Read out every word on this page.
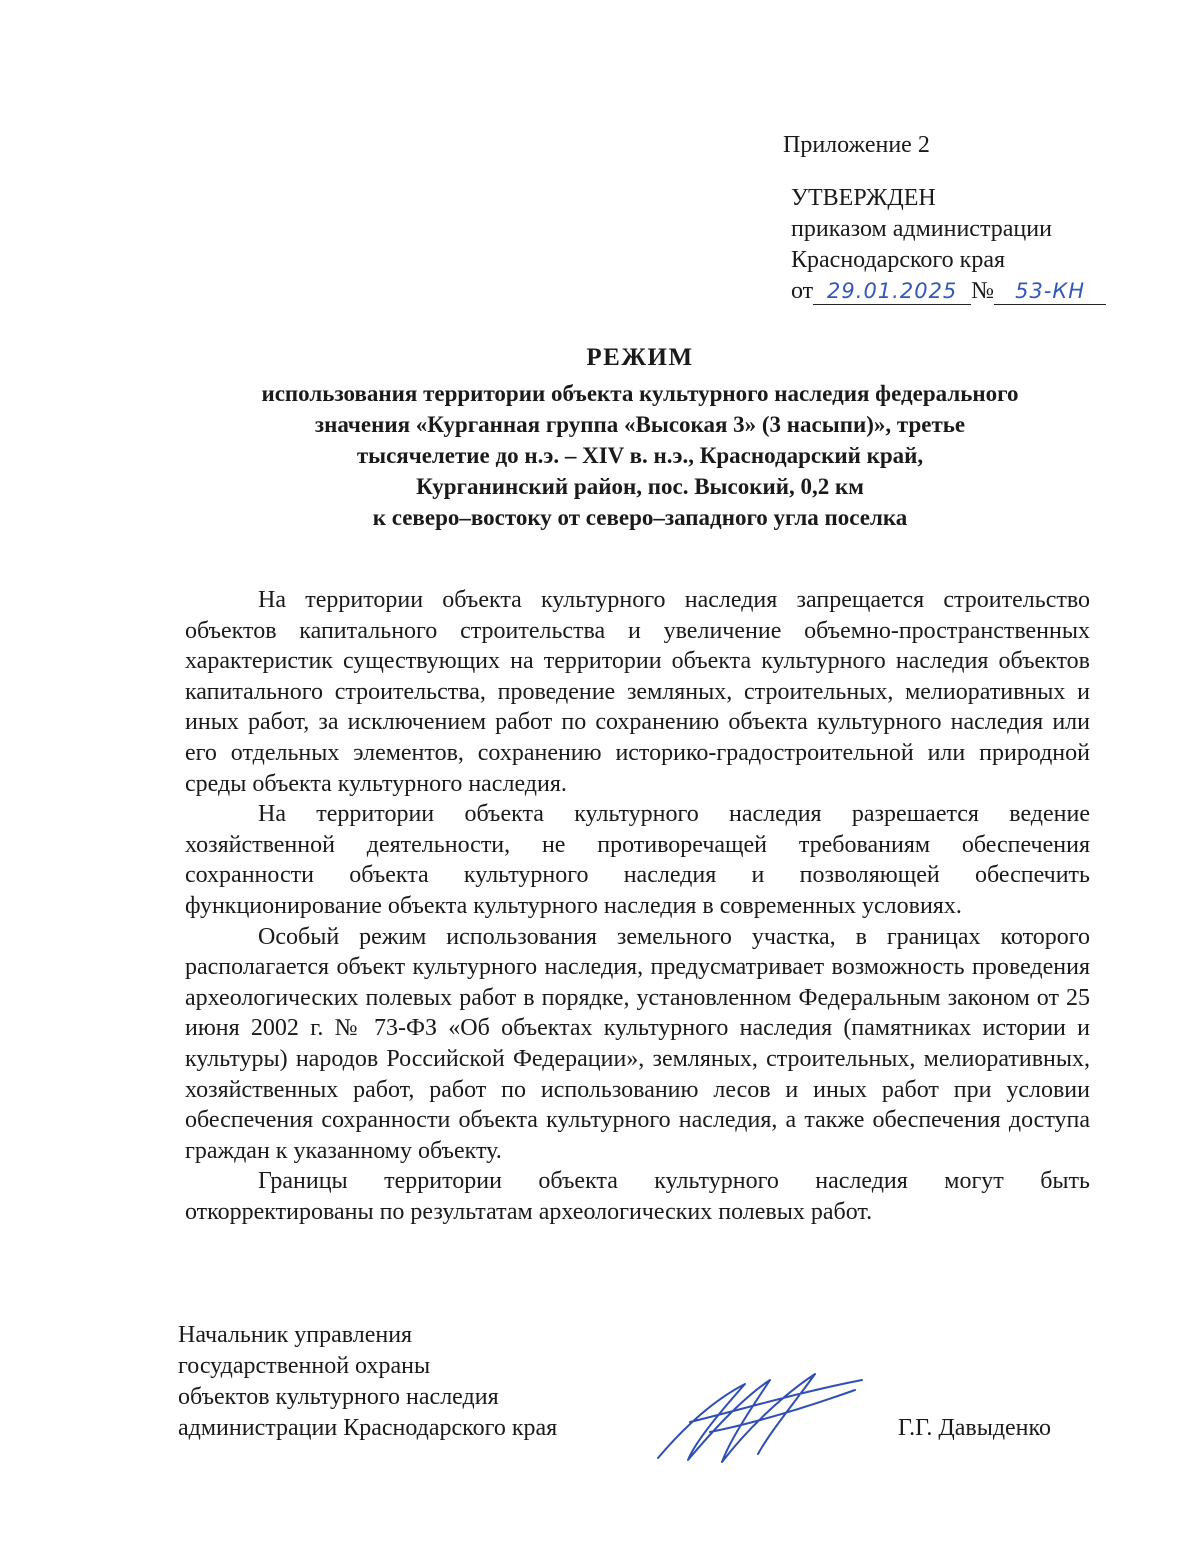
Приложение 2
УТВЕРЖДЕН
приказом администрации
Краснодарского края
от 29.01.2025 № 53-КН
РЕЖИМ
использования территории объекта культурного наследия федерального
значения «Курганная группа «Высокая 3» (3 насыпи)», третье
тысячелетие до н.э. – XIV в. н.э., Краснодарский край,
Курганинский район, пос. Высокий, 0,2 км
к северо–востоку от северо–западного угла поселка

На территории объекта культурного наследия запрещается строительство объектов капитального строительства и увеличение объемно-пространственных характеристик существующих на территории объекта культурного наследия объектов капитального строительства, проведение земляных, строительных, мелиоративных и иных работ, за исключением работ по сохранению объекта культурного наследия или его отдельных элементов, сохранению историко-градостроительной или природной среды объекта культурного наследия.

На территории объекта культурного наследия разрешается ведение хозяйственной деятельности, не противоречащей требованиям обеспечения сохранности объекта культурного наследия и позволяющей обеспечить функционирование объекта культурного наследия в современных условиях.

Особый режим использования земельного участка, в границах которого располагается объект культурного наследия, предусматривает возможность проведения археологических полевых работ в порядке, установленном Федеральным законом от 25 июня 2002 г. № 73-ФЗ «Об объектах культурного наследия (памятниках истории и культуры) народов Российской Федерации», земляных, строительных, мелиоративных, хозяйственных работ, работ по использованию лесов и иных работ при условии обеспечения сохранности объекта культурного наследия, а также обеспечения доступа граждан к указанному объекту.

Границы территории объекта культурного наследия могут быть откорректированы по результатам археологических полевых работ.

Начальник управления
государственной охраны
объектов культурного наследия
администрации Краснодарского края	Г.Г. Давыденко
